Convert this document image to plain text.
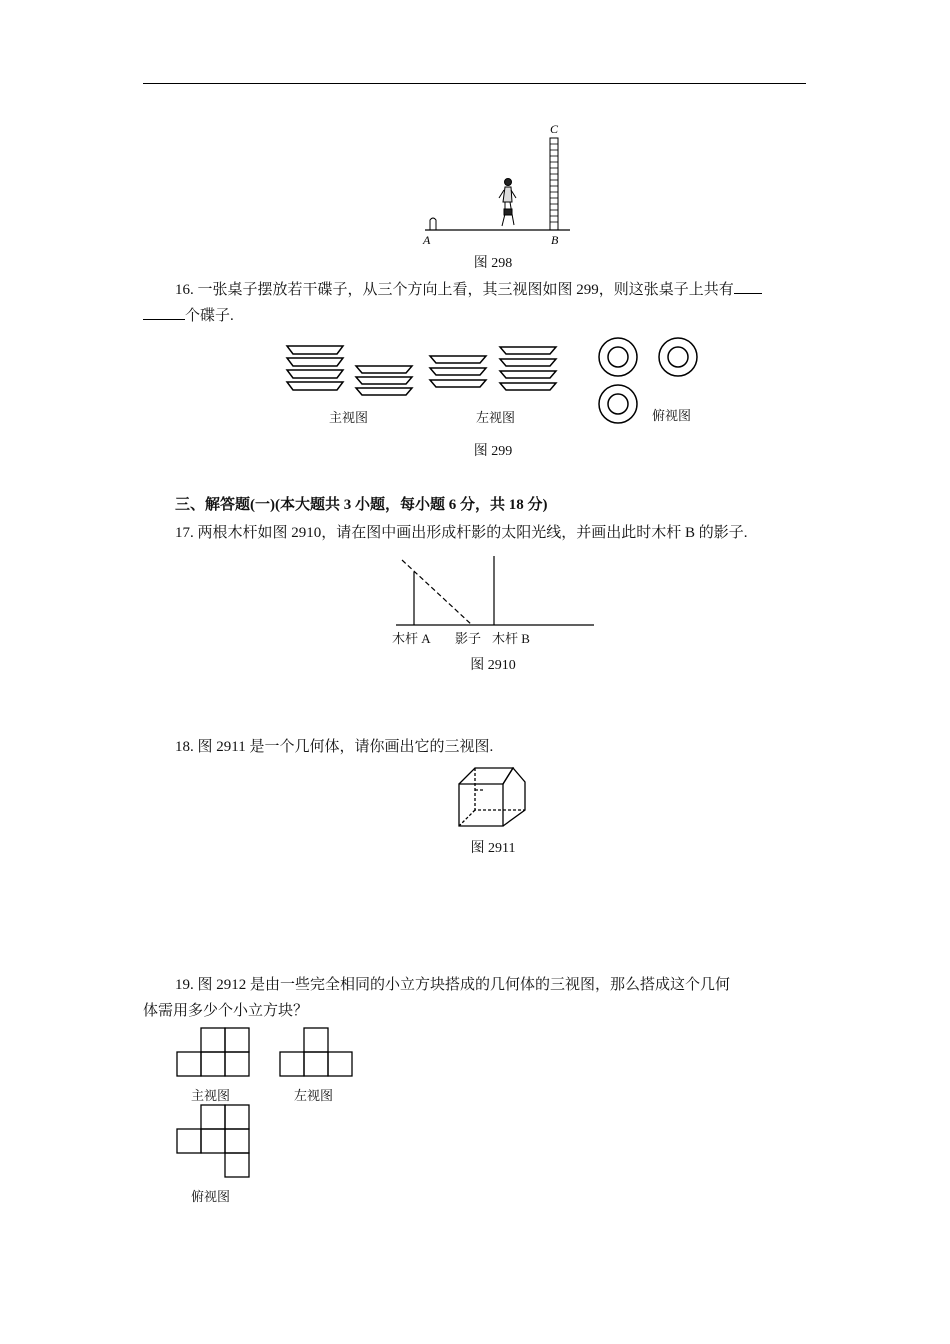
A	B
C
图 298
16. 一张桌子摆放若干碟子，从三个方向上看，其三视图如图 299，则这张桌子上共有
个碟子.
主视图	左视图	俯视图
图 299
三、解答题(一)(本大题共 3 小题，每小题 6 分，共 18 分)
17. 两根木杆如图 2910，请在图中画出形成杆影的太阳光线，并画出此时木杆 B 的影子.
木杆 A 影子 木杆 B
图 2910
18. 图 2911 是一个几何体，请你画出它的三视图.
图 2911
19. 图 2912 是由一些完全相同的小立方块搭成的几何体的三视图，那么搭成这个几何
体需用多少个小立方块？
主视图	左视图
俯视图
